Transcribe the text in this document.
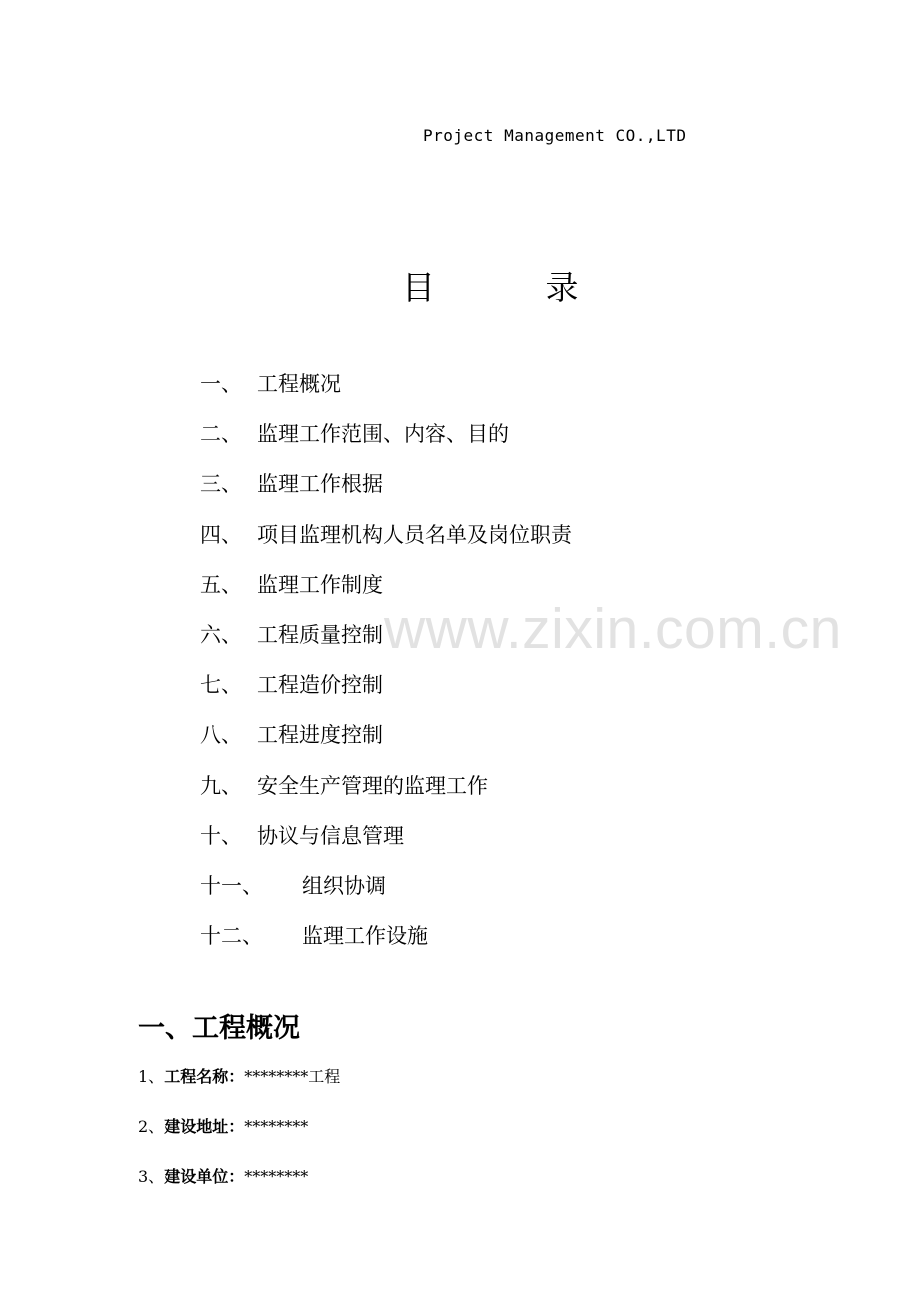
Project Management CO.,LTD
目 录
一、 工程概况
二、 监理工作范围、内容、目的
三、 监理工作根据
四、 项目监理机构人员名单及岗位职责
五、 监理工作制度
六、 工程质量控制
七、 工程造价控制
八、 工程进度控制
九、 安全生产管理的监理工作
十、 协议与信息管理
十一、 组织协调
十二、 监理工作设施
一、工程概况
1、工程名称：********工程
2、建设地址：********
3、建设单位：********
www.zixin.com.cn
